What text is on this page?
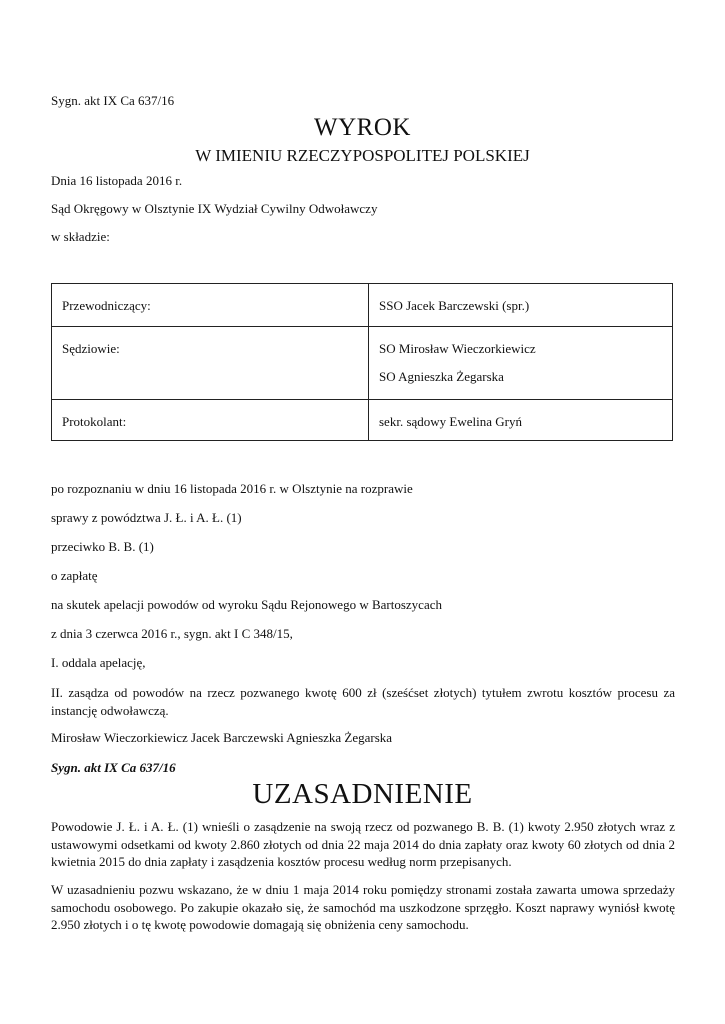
Sygn. akt IX Ca 637/16
WYROK
W IMIENIU RZECZYPOSPOLITEJ POLSKIEJ
Dnia 16 listopada 2016 r.
Sąd Okręgowy w Olsztynie IX Wydział Cywilny Odwoławczy
w składzie:
Przewodniczący:	SSO Jacek Barczewski (spr.)

Sędziowie:	SO Mirosław Wieczorkiewicz
SO Agnieszka Żegarska

Protokolant:	sekr. sądowy Ewelina Gryń
po rozpoznaniu w dniu 16 listopada 2016 r. w Olsztynie na rozprawie
sprawy z powództwa J. Ł. i A. Ł. (1)
przeciwko B. B. (1)
o zapłatę
na skutek apelacji powodów od wyroku Sądu Rejonowego w Bartoszycach
z dnia 3 czerwca 2016 r., sygn. akt I C 348/15,
I. oddala apelację,
II. zasądza od powodów na rzecz pozwanego kwotę 600 zł (sześćset złotych) tytułem zwrotu kosztów procesu za instancję odwoławczą.
Mirosław Wieczorkiewicz Jacek Barczewski Agnieszka Żegarska
Sygn. akt IX Ca 637/16
UZASADNIENIE
Powodowie J. Ł. i A. Ł. (1) wnieśli o zasądzenie na swoją rzecz od pozwanego B. B. (1) kwoty 2.950 złotych wraz z ustawowymi odsetkami od kwoty 2.860 złotych od dnia 22 maja 2014 do dnia zapłaty oraz kwoty 60 złotych od dnia 2 kwietnia 2015 do dnia zapłaty i zasądzenia kosztów procesu według norm przepisanych.
W uzasadnieniu pozwu wskazano, że w dniu 1 maja 2014 roku pomiędzy stronami została zawarta umowa sprzedaży samochodu osobowego. Po zakupie okazało się, że samochód ma uszkodzone sprzęgło. Koszt naprawy wyniósł kwotę 2.950 złotych i o tę kwotę powodowie domagają się obniżenia ceny samochodu.
